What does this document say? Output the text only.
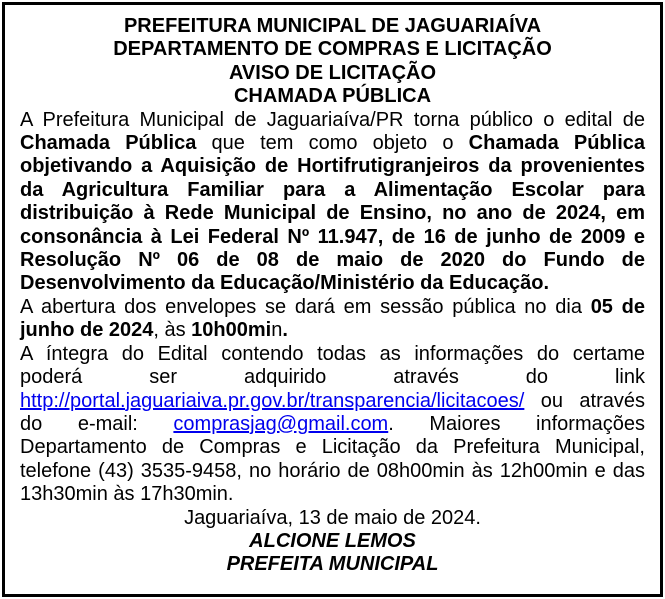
PREFEITURA MUNICIPAL DE JAGUARIAÍVA
DEPARTAMENTO DE COMPRAS E LICITAÇÃO
AVISO DE LICITAÇÃO
CHAMADA PÚBLICA
A Prefeitura Municipal de Jaguariaíva/PR torna público o edital de
Chamada Pública que tem como objeto o Chamada Pública
objetivando a Aquisição de Hortifrutigranjeiros da provenientes
da Agricultura Familiar para a Alimentação Escolar para
distribuição à Rede Municipal de Ensino, no ano de 2024, em
consonância à Lei Federal Nº 11.947, de 16 de junho de 2009 e
Resolução Nº 06 de 08 de maio de 2020 do Fundo de
Desenvolvimento da Educação/Ministério da Educação.
A abertura dos envelopes se dará em sessão pública no dia 05 de
junho de 2024, às 10h00min.
A íntegra do Edital contendo todas as informações do certame
poderá ser adquirido através do link
http://portal.jaguariaiva.pr.gov.br/transparencia/licitacoes/ ou através
do e-mail: comprasjag@gmail.com. Maiores informações
Departamento de Compras e Licitação da Prefeitura Municipal,
telefone (43) 3535-9458, no horário de 08h00min às 12h00min e das
13h30min às 17h30min.
Jaguariaíva, 13 de maio de 2024.
ALCIONE LEMOS
PREFEITA MUNICIPAL
